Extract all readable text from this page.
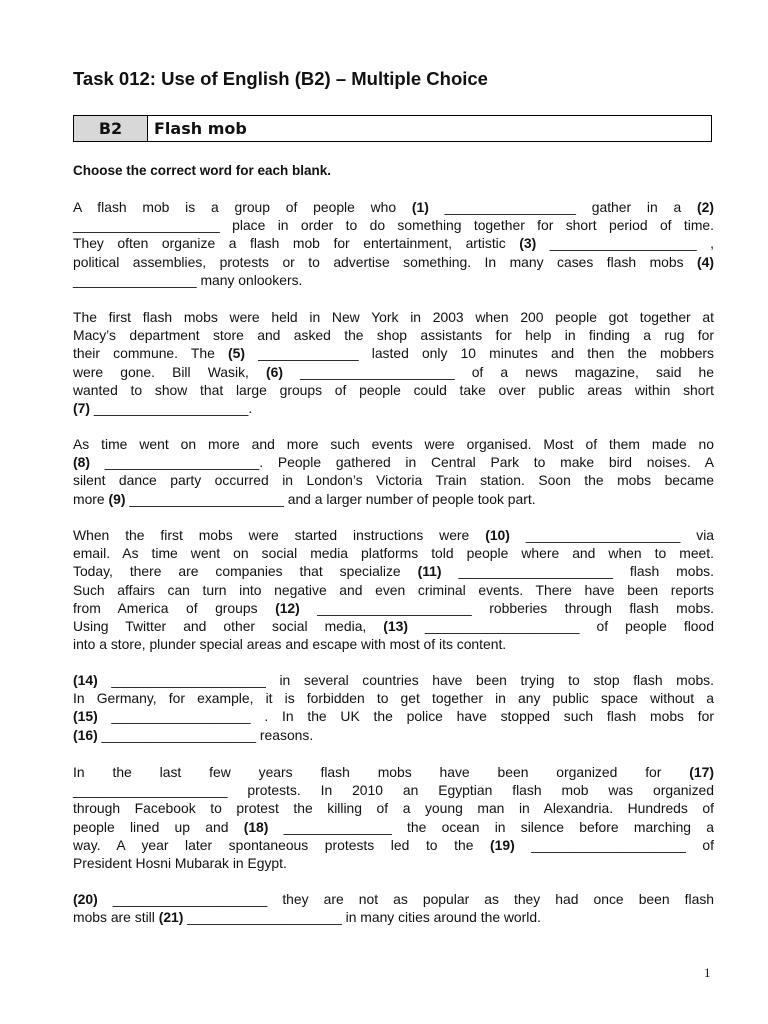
Task 012: Use of English (B2) – Multiple Choice
B2	Flash mob
Choose the correct word for each blank.
A flash mob is a group of people who (1) _________________ gather in a (2)
___________________ place in order to do something together for short period of time.
They often organize a flash mob for entertainment, artistic (3) ___________________ ,
political assemblies, protests or to advertise something. In many cases flash mobs (4)
________________ many onlookers.
The first flash mobs were held in New York in 2003 when 200 people got together at
Macy’s department store and asked the shop assistants for help in finding a rug for
their commune. The (5) _____________ lasted only 10 minutes and then the mobbers
were gone. Bill Wasik, (6) ____________________ of a news magazine, said he
wanted to show that large groups of people could take over public areas within short
(7) ____________________.
As time went on more and more such events were organised. Most of them made no
(8) ____________________. People gathered in Central Park to make bird noises. A
silent dance party occurred in London’s Victoria Train station. Soon the mobs became
more (9) ____________________ and a larger number of people took part.
When the first mobs were started instructions were (10) ____________________ via
email. As time went on social media platforms told people where and when to meet.
Today, there are companies that specialize (11) ____________________ flash mobs.
Such affairs can turn into negative and even criminal events. There have been reports
from America of groups (12) ____________________ robberies through flash mobs.
Using Twitter and other social media, (13) ____________________ of people flood
into a store, plunder special areas and escape with most of its content.
(14) ____________________ in several countries have been trying to stop flash mobs.
In Germany, for example, it is forbidden to get together in any public space without a
(15) __________________ . In the UK the police have stopped such flash mobs for
(16) ____________________ reasons.
In the last few years flash mobs have been organized for (17)
____________________ protests. In 2010 an Egyptian flash mob was organized
through Facebook to protest the killing of a young man in Alexandria. Hundreds of
people lined up and (18) ______________ the ocean in silence before marching a
way. A year later spontaneous protests led to the (19) ____________________ of
President Hosni Mubarak in Egypt.
(20) ____________________ they are not as popular as they had once been flash
mobs are still (21) ____________________ in many cities around the world.
1
